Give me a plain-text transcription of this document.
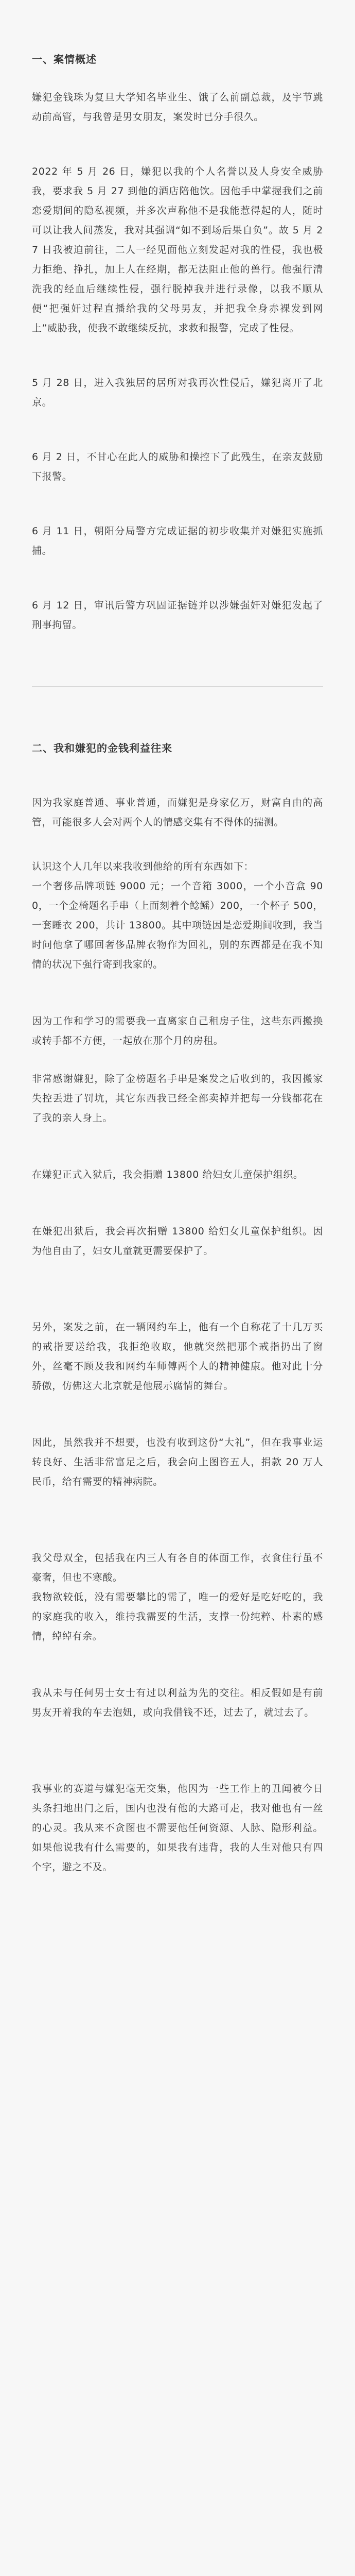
一、案情概述

嫌犯金钱珠为复旦大学知名毕业生、饿了么前副总裁，及宇节跳动前高管，与我曾是男女朋友，案发时已分手很久。

2022 年 5 月 26 日，嫌犯以我的个人名誉以及人身安全威胁我，要求我 5 月 27 到他的酒店陪他饮。因他手中掌握我们之前恋爱期间的隐私视频，并多次声称他不是我能惹得起的人，随时可以让我人间蒸发，我对其强调“如不到场后果自负”。故 5 月 27 日我被迫前往，二人一经见面他立刻发起对我的性侵，我也极力拒绝、挣扎，加上人在经期，都无法阻止他的兽行。他强行清洗我的经血后继续性侵，强行脱掉我并进行录像，以我不顺从便“把强奸过程直播给我的父母男友，并把我全身赤裸发到网上”威胁我，使我不敢继续反抗，求救和报警，完成了性侵。

5 月 28 日，进入我独居的居所对我再次性侵后，嫌犯离开了北京。

6 月 2 日，不甘心在此人的威胁和操控下了此残生，在亲友鼓励下报警。

6 月 11 日，朝阳分局警方完成证据的初步收集并对嫌犯实施抓捕。

6 月 12 日，审讯后警方巩固证据链并以涉嫌强奸对嫌犯发起了刑事拘留。

二、我和嫌犯的金钱利益往来

因为我家庭普通、事业普通，而嫌犯是身家亿万，财富自由的高管，可能很多人会对两个人的情感交集有不得体的揣测。

认识这个人几年以来我收到他给的所有东西如下：
一个奢侈品牌项链 9000 元；一个音箱 3000，一个小音盒 900，一个金椅题名手串（上面刻着个鲶鳐）200，一个杯子 500，一套睡衣 200，共计 13800。其中项链因是恋爱期间收到，我当时问他拿了哪回奢侈品牌衣物作为回礼，别的东西都是在我不知情的状况下强行寄到我家的。

因为工作和学习的需要我一直离家自己租房子住，这些东西搬换或转手都不方便，一起放在那个月的房租。

非常感谢嫌犯，除了金榜题名手串是案发之后收到的，我因搬家失控丢进了罚坑，其它东西我已经全部卖掉并把每一分钱都花在了我的亲人身上。

在嫌犯正式入狱后，我会捐赠 13800 给妇女儿童保护组织。

在嫌犯出狱后，我会再次捐赠 13800 给妇女儿童保护组织。因为他自由了，妇女儿童就更需要保护了。

另外，案发之前，在一辆网约车上，他有一个自称花了十几万买的戒指要送给我，我拒绝收取，他就突然把那个戒指扔出了窗外，丝毫不顾及我和网约车师傅两个人的精神健康。他对此十分骄傲，仿佛这大北京就是他展示腐情的舞台。

因此，虽然我并不想要，也没有收到这份“大礼”，但在我事业运转良好、生活非常富足之后，我会向上图咨五人，捐款 20 万人民币，给有需要的精神病院。

我父母双全，包括我在内三人有各自的体面工作，衣食住行虽不豪奢，但也不寒酸。
我物欲较低，没有需要攀比的需了，唯一的爱好是吃好吃的，我的家庭我的收入，维持我需要的生活，支撑一份纯粹、朴素的感情，绰绰有余。

我从未与任何男士女士有过以利益为先的交往。相反假如是有前男友开着我的车去泡妞，或向我借钱不还，过去了，就过去了。

我事业的赛道与嫌犯毫无交集，他因为一些工作上的丑闻被今日头条扫地出门之后，国内也没有他的大路可走，我对他也有一丝的心灵。我从来不贪图也不需要他任何资源、人脉、隐形利益。如果他说我有什么需要的，如果我有违背，我的人生对他只有四个字，避之不及。
